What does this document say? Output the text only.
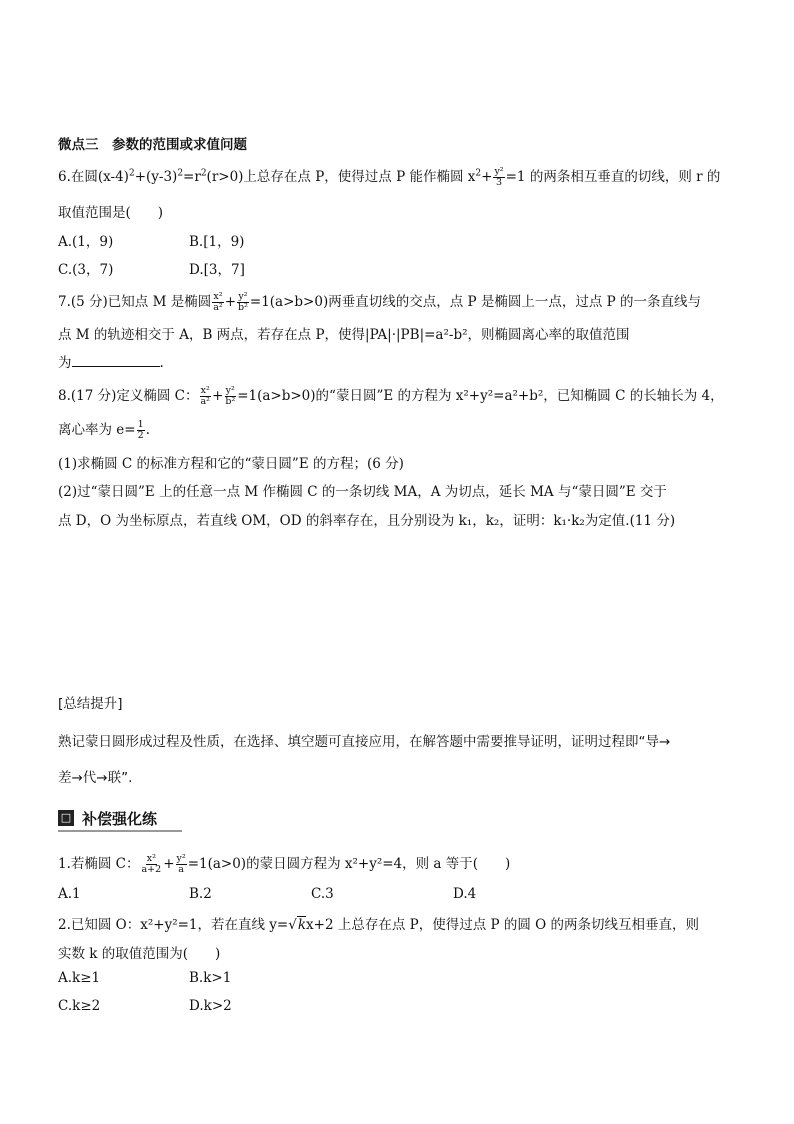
微点三　参数的范围或求值问题
6.在圆$(x-4)^2+(y-3)^2=r^2(r>0)$上总存在点 P，使得过点 P 能作椭圆 $x^2+ \frac{\text{y²}}{3} =1$ 的两条相互垂直的切线，则 r 的
取值范围是(　　)
A.(1，9)	B.[1，9)
C.(3，7)	D.[3，7]
7.(5 分)已知点 M 是椭圆 $\frac{\text{x²}}{\text{a²}} + \frac{\text{y²}}{\text{b²}} =1(a>b>0)$两垂直切线的交点，点 P 是椭圆上一点，过点 P 的一条直线与
点 M 的轨迹相交于 A，B 两点，若存在点 P，使得|PA|·|PB|=a²-b²，则椭圆离心率的取值范围
为	.
8.(17 分)定义椭圆 C： $\frac{\text{x²}}{\text{a²}} + \frac{\text{y²}}{\text{b²}} =1(a>b>0)$的“蒙日圆”E 的方程为 x²+y²=a²+b²，已知椭圆 C 的长轴长为 4，
离心率为 $e= \frac{1}{2}$ .
(1)求椭圆 C 的标准方程和它的“蒙日圆”E 的方程；(6 分)
(2)过“蒙日圆”E 上的任意一点 M 作椭圆 C 的一条切线 MA，A 为切点，延长 MA 与“蒙日圆”E 交于
点 D，O 为坐标原点，若直线 OM，OD 的斜率存在，且分别设为 k₁，k₂，证明：k₁·k₂为定值.(11 分)
[总结提升]
熟记蒙日圆形成过程及性质，在选择、填空题可直接应用，在解答题中需要推导证明，证明过程即“导→
差→代→联”.
□ 补偿强化练
1.若椭圆 C： $\frac{\text{x²}}{a+2} + \frac{\text{y²}}{a} =1(a>0)$的蒙日圆方程为 x²+y²=4，则 a 等于(　　)
A.1	B.2	C.3	D.4
2.已知圆 O：x²+y²=1，若在直线 y=√kx+2 上总存在点 P，使得过点 P 的圆 O 的两条切线互相垂直，则
实数 k 的取值范围为(　　)
A.k≥1	B.k>1
C.k≥2	D.k>2
